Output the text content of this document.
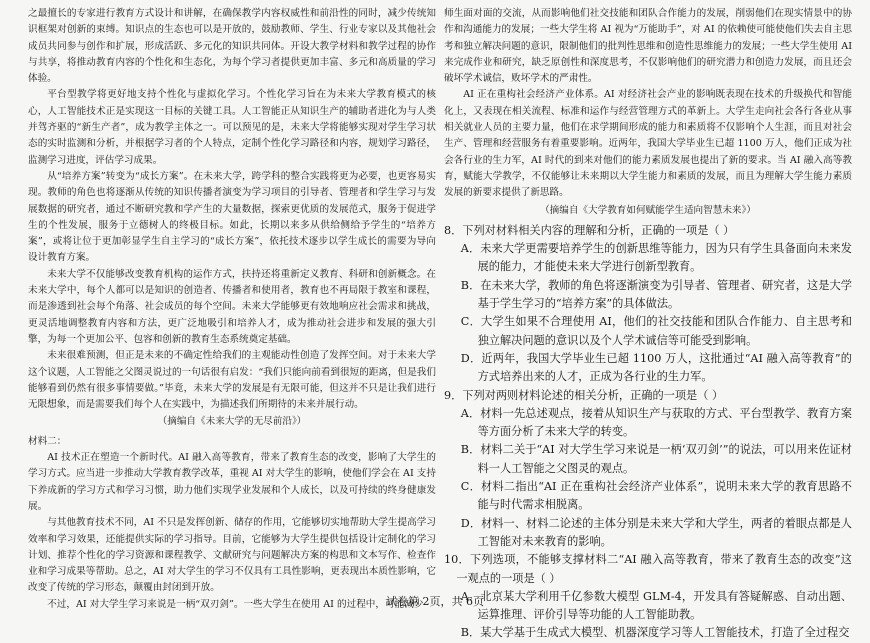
之最擅长的专家进行教育方式设计和讲解，在确保教学内容权威性和前沿性的同时，减少传统知识框架对创新的束缚。知识点的生态也可以是开放的，鼓励教师、学生、行业专家以及其他社会成员共同参与创作和扩展，形成活跃、多元化的知识共同体。开设大教学材料和教学过程的协作与共享，将推动教育内容的个性化和生态化，为每个学习者提供更加丰富、多元和高质量的学习体验。

平台型教学将更好地支持个性化与虚拟化学习。个性化学习旨在为未来大学教育模式的核心，人工智能技术正是实现这一目标的关键工具。人工智能正从知识生产的辅助者进化为与人类并驾齐驱的“新生产者”，成为教学主体之一。可以预见的是，未来大学将能够实现对学生学习状态的实时监测和分析，并根据学习者的个人特点，定制个性化学习路径和内容，规划学习路径，监测学习进度，评估学习成果。

从“培养方案”转变为“成长方案”。在未来大学，跨学科的整合实践将更为必要，也更容易实现。教师的角色也将逐渐从传统的知识传播者演变为学习项目的引导者、管理者和学生学习与发展数据的研究者，通过不断研究教和学产生的大量数据，探索更优质的发展范式，服务于促进学生的个性发展，服务于立德树人的终极目标。如此，长期以来多从供给侧给予学生的“培养方案”，或将让位于更加彰显学生自主学习的“成长方案”，依托技术逐步以学生成长的需要为导向设计教育方案。

未来大学不仅能够改变教育机构的运作方式，扶持还将重新定义教育、科研和创新概念。在未来大学中，每个人都可以是知识的创造者、传播者和使用者，教育也不再局限于教室和课程，而是渗透到社会每个角落、社会成员的每个空间。未来大学能够更有效地响应社会需求和挑战，更灵活地调整教育内容和方法，更广泛地吸引和培养人才，成为推动社会进步和发展的强大引擎，为每一个更加公平、包容和创新的教育生态系统奠定基础。

未来很难预测，但正是未来的不确定性给我们的主观能动性创造了发挥空间。对于未来大学这个议题，人工智能之父图灵说过的一句话很有启发：“我们只能向前看到很短的距离，但是我们能够看到仍然有很多事情要做。”毕竟，未来大学的发展是有无限可能，但这并不只是让我们进行无限想象，而是需要我们每个人在实践中，为描述我们所期待的未来并展行动。

（摘编自《未来大学的无尽前沿》）

材料二：

AI 技术正在塑造一个新时代。AI 融入高等教育，带来了教育生态的改变，影响了大学生的学习方式。应当进一步推动大学教育教学改革，重视 AI 对大学生的影响，使他们学会在 AI 支持下养成新的学习方式和学习习惯，助力他们实现学业发展和个人成长，以及可持续的终身健康发展。

与其他教育技术不同，AI 不只是发挥创新、储存的作用，它能够切实地帮助大学生提高学习效率和学习效果，还能提供实际的学习指导。目前，它能够为大学生提供包括设计定制化的学习计划、推荐个性化的学习资源和课程教学、文献研究与问题解决方案的构思和文本写作、检查作业和学习成果等帮助。总之，AI 对大学生的学习不仅具有工具性影响，更表现出本质性影响，它改变了传统的学习形态，颠覆由封闭到开放。

不过，AI 对大学生学习来说是一柄“双刃剑”。一些大学生在使用 AI 的过程中，可能减少

师生面对面的交流，从而影响他们社交技能和团队合作能力的发展，削弱他们在现实情景中的协作和沟通能力的发展；一些大学生将 AI 视为“万能助手”，对 AI 的依赖使可能使他们失去自主思考和独立解决问题的意识，限制他们的批判性思维和创造性思维能力的发展；一些大学生使用 AI 来完成作业和研究，缺乏原创性和深度思考，不仅影响他们的研究潜力和创造力发展，而且还会破坏学术诚信，败坏学术的严肃性。

AI 正在重构社会经济产业体系。AI 对经济社会产业的影响既表现在技术的升级换代和智能化上，又表现在相关流程、标准和运作与经营管理方式的革新上。大学生走向社会各行各业从事相关就业人员的主要力量，他们在求学期间形成的能力和素质将不仅影响个人生涯，而且对社会生产、管理和经营服务有着重要影响。近两年，我国大学毕业生已超 1100 万人，他们正成为社会各行业的生力军，AI 时代的到来对他们的能力素质发展也提出了新的要求。当 AI 融入高等教育，赋能大学教学，不仅能够让未来期以大学生能力和素质的发展，而且为理解大学生能力素质发展的新要求提供了新思路。

（摘编自《大学教育如何赋能学生适向智慧未来》）

8．下列对材料相关内容的理解和分析，正确的一项是（ ）

A．未来大学更需要培养学生的创新思维等能力，因为只有学生具备面向未来发展的能力，才能使未来大学进行创新型教育。

B．在未来大学，教师的角色将逐渐演变为引导者、管理者、研究者，这是大学基于学生学习的“培养方案”的具体做法。

C．大学生如果不合理使用 AI，他们的社交技能和团队合作能力、自主思考和独立解决问题的意识以及个人学术诚信等可能受到影响。

D．近两年，我国大学毕业生已超 1100 万人，这批通过“AI 融入高等教育”的方式培养出来的人才，正成为各行业的生力军。

9．下列对两则材料论述的相关分析，正确的一项是（ ）

A．材料一先总述观点，接着从知识生产与获取的方式、平台型教学、教育方案等方面分析了未来大学的转变。

B．材料二关于“AI 对大学生学习来说是一柄‘双刃剑’”的说法，可以用来佐证材料一人工智能之父图灵的观点。

C．材料二指出“AI 正在重构社会经济产业体系”，说明未来大学的教育思路不能与时代需求相脱离。

D．材料一、材料二论述的主体分别是未来大学和大学生，两者的着眼点都是人工智能对未来教育的影响。

10．下列选项，不能够支撑材料二“AI 融入高等教育，带来了教育生态的改变”这一观点的一项是（ ）

A．北京某大学利用千亿参数大模型 GLM-4，开发具有答疑解惑、自动出题、运算推理、评价引导等功能的人工智能助教。

B．某大学基于生成式大模型、机器深度学习等人工智能技术，打造了全过程交

试卷第 2页，共 6页
